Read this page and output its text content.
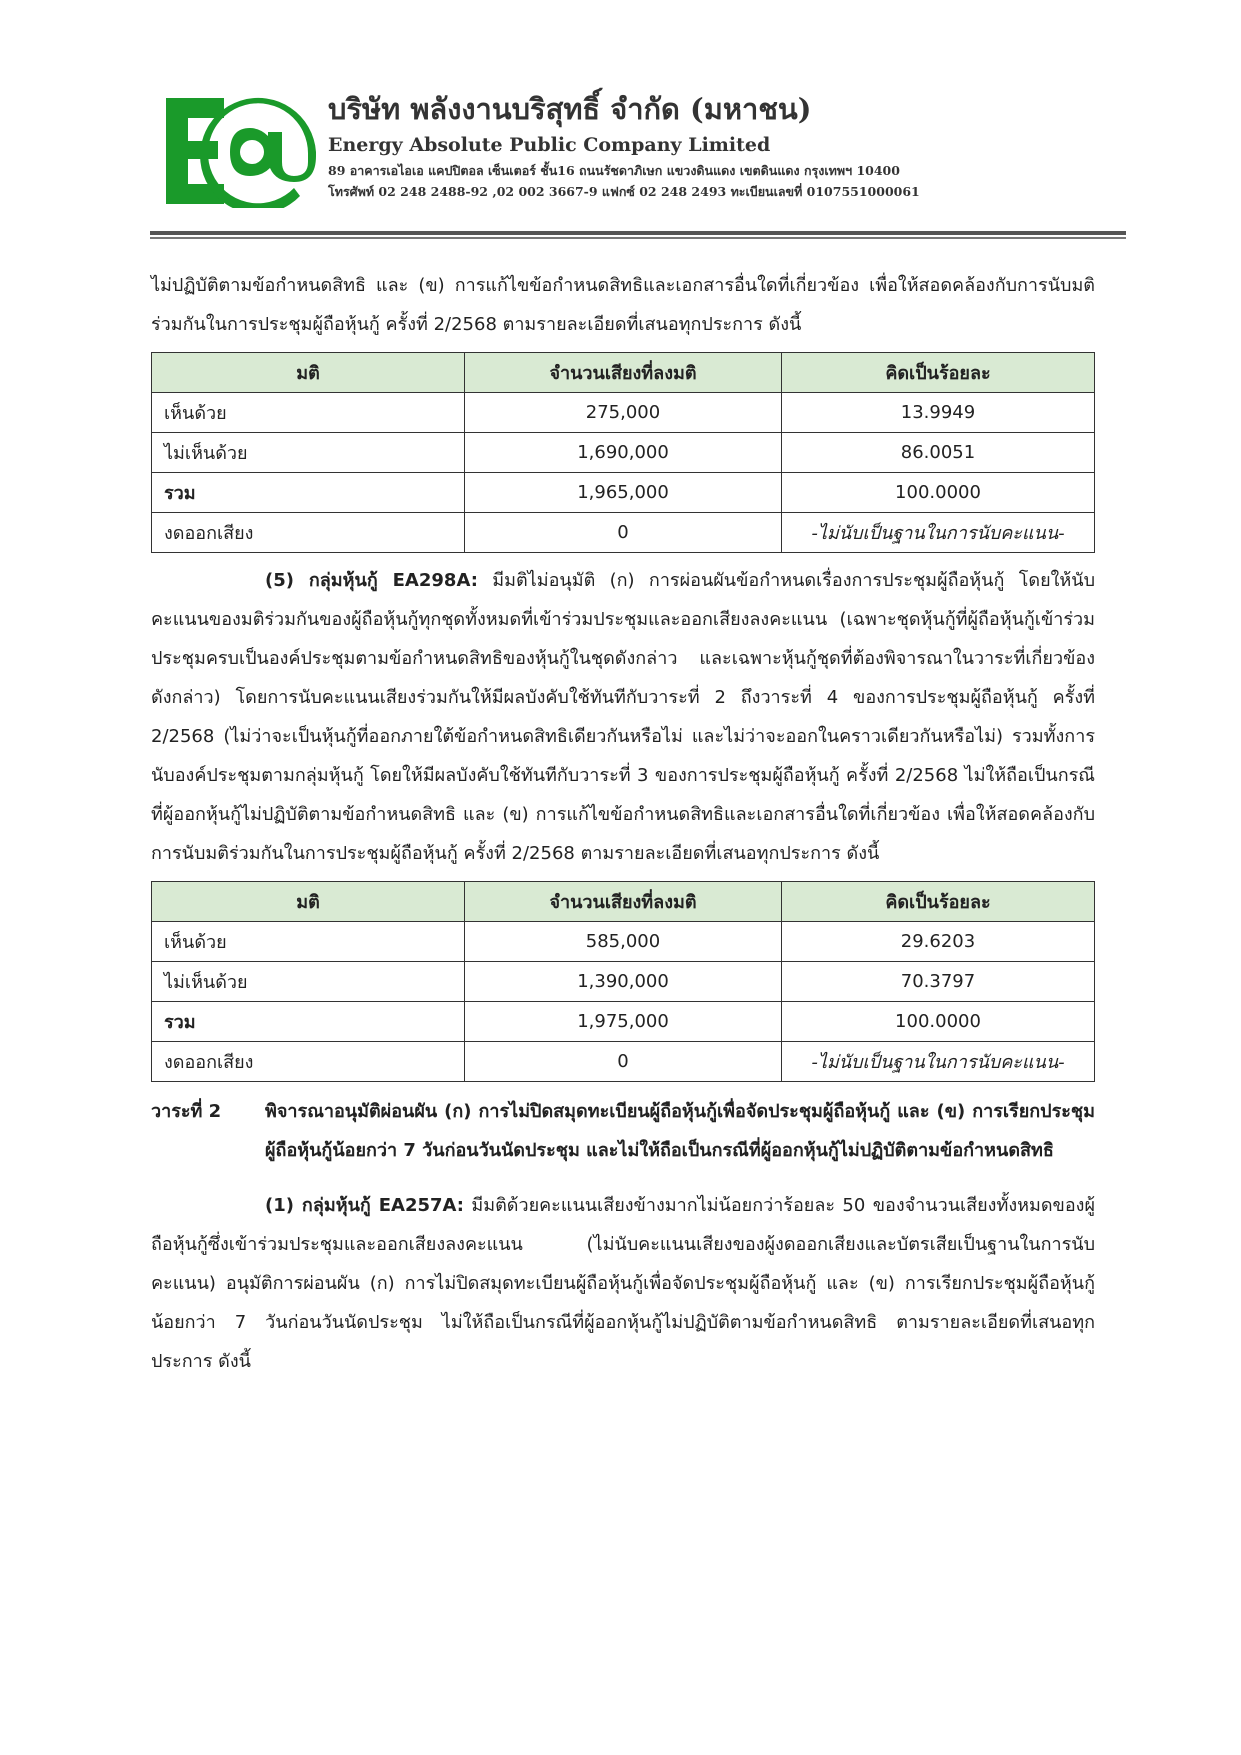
บริษัท พลังงานบริสุทธิ์ จำกัด (มหาชน)
Energy Absolute Public Company Limited
89 อาคารเอไอเอ แคปปิตอล เซ็นเตอร์ ชั้น16 ถนนรัชดาภิเษก แขวงดินแดง เขตดินแดง กรุงเทพฯ 10400
โทรศัพท์ 02 248 2488-92 ,02 002 3667-9 แฟกซ์ 02 248 2493 ทะเบียนเลขที่ 0107551000061

ไม่ปฏิบัติตามข้อกำหนดสิทธิ และ (ข) การแก้ไขข้อกำหนดสิทธิและเอกสารอื่นใดที่เกี่ยวข้อง เพื่อให้สอดคล้องกับการนับมติร่วมกันในการประชุมผู้ถือหุ้นกู้ ครั้งที่ 2/2568 ตามรายละเอียดที่เสนอทุกประการ ดังนี้

มติ	จำนวนเสียงที่ลงมติ	คิดเป็นร้อยละ
เห็นด้วย	275,000	13.9949
ไม่เห็นด้วย	1,690,000	86.0051
รวม	1,965,000	100.0000
งดออกเสียง	0	-ไม่นับเป็นฐานในการนับคะแนน-

(5) กลุ่มหุ้นกู้ EA298A: มีมติไม่อนุมัติ (ก) การผ่อนผันข้อกำหนดเรื่องการประชุมผู้ถือหุ้นกู้ โดยให้นับคะแนนของมติร่วมกันของผู้ถือหุ้นกู้ทุกชุดทั้งหมดที่เข้าร่วมประชุมและออกเสียงลงคะแนน (เฉพาะชุดหุ้นกู้ที่ผู้ถือหุ้นกู้เข้าร่วมประชุมครบเป็นองค์ประชุมตามข้อกำหนดสิทธิของหุ้นกู้ในชุดดังกล่าว และเฉพาะหุ้นกู้ชุดที่ต้องพิจารณาในวาระที่เกี่ยวข้องดังกล่าว) โดยการนับคะแนนเสียงร่วมกันให้มีผลบังคับใช้ทันทีกับวาระที่ 2 ถึงวาระที่ 4 ของการประชุมผู้ถือหุ้นกู้ ครั้งที่ 2/2568 (ไม่ว่าจะเป็นหุ้นกู้ที่ออกภายใต้ข้อกำหนดสิทธิเดียวกันหรือไม่ และไม่ว่าจะออกในคราวเดียวกันหรือไม่) รวมทั้งการนับองค์ประชุมตามกลุ่มหุ้นกู้ โดยให้มีผลบังคับใช้ทันทีกับวาระที่ 3 ของการประชุมผู้ถือหุ้นกู้ ครั้งที่ 2/2568 ไม่ให้ถือเป็นกรณีที่ผู้ออกหุ้นกู้ไม่ปฏิบัติตามข้อกำหนดสิทธิ และ (ข) การแก้ไขข้อกำหนดสิทธิและเอกสารอื่นใดที่เกี่ยวข้อง เพื่อให้สอดคล้องกับการนับมติร่วมกันในการประชุมผู้ถือหุ้นกู้ ครั้งที่ 2/2568 ตามรายละเอียดที่เสนอทุกประการ ดังนี้

มติ	จำนวนเสียงที่ลงมติ	คิดเป็นร้อยละ
เห็นด้วย	585,000	29.6203
ไม่เห็นด้วย	1,390,000	70.3797
รวม	1,975,000	100.0000
งดออกเสียง	0	-ไม่นับเป็นฐานในการนับคะแนน-
วาระที่ 2	พิจารณาอนุมัติผ่อนผัน (ก) การไม่ปิดสมุดทะเบียนผู้ถือหุ้นกู้เพื่อจัดประชุมผู้ถือหุ้นกู้ และ (ข) การเรียกประชุมผู้ถือหุ้นกู้น้อยกว่า 7 วันก่อนวันนัดประชุม และไม่ให้ถือเป็นกรณีที่ผู้ออกหุ้นกู้ไม่ปฏิบัติตามข้อกำหนดสิทธิ

(1) กลุ่มหุ้นกู้ EA257A: มีมติด้วยคะแนนเสียงข้างมากไม่น้อยกว่าร้อยละ 50 ของจำนวนเสียงทั้งหมดของผู้ถือหุ้นกู้ซึ่งเข้าร่วมประชุมและออกเสียงลงคะแนน (ไม่นับคะแนนเสียงของผู้งดออกเสียงและบัตรเสียเป็นฐานในการนับคะแนน) อนุมัติการผ่อนผัน (ก) การไม่ปิดสมุดทะเบียนผู้ถือหุ้นกู้เพื่อจัดประชุมผู้ถือหุ้นกู้ และ (ข) การเรียกประชุมผู้ถือหุ้นกู้น้อยกว่า 7 วันก่อนวันนัดประชุม ไม่ให้ถือเป็นกรณีที่ผู้ออกหุ้นกู้ไม่ปฏิบัติตามข้อกำหนดสิทธิ ตามรายละเอียดที่เสนอทุกประการ ดังนี้
